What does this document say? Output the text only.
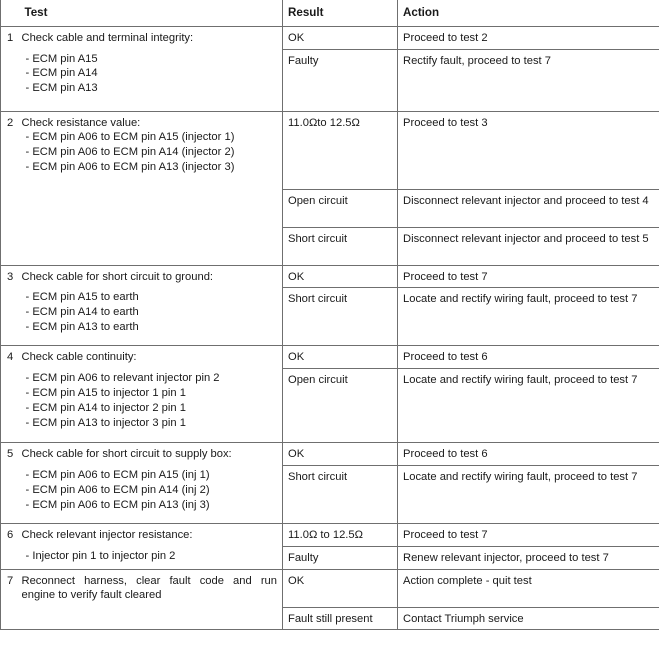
	Test	Result	Action
1	Check cable and terminal integrity:
- ECM pin A15
- ECM pin A14
- ECM pin A13	OK	Proceed to test 2
		Faulty	Rectify fault, proceed to test 7
2	Check resistance value:
- ECM pin A06 to ECM pin A15 (injector 1)
- ECM pin A06 to ECM pin A14 (injector 2)
- ECM pin A06 to ECM pin A13 (injector 3)	11.0Ωto 12.5Ω	Proceed to test 3
		Open circuit	Disconnect relevant injector and proceed to test 4
		Short circuit	Disconnect relevant injector and proceed to test 5
3	Check cable for short circuit to ground:
- ECM pin A15 to earth
- ECM pin A14 to earth
- ECM pin A13 to earth	OK	Proceed to test 7
		Short circuit	Locate and rectify wiring fault, proceed to test 7
4	Check cable continuity:
- ECM pin A06 to relevant injector pin 2
- ECM pin A15 to injector 1 pin 1
- ECM pin A14 to injector 2 pin 1
- ECM pin A13 to injector 3 pin 1	OK	Proceed to test 6
		Open circuit	Locate and rectify wiring fault, proceed to test 7
5	Check cable for short circuit to supply box:
- ECM pin A06 to ECM pin A15 (inj 1)
- ECM pin A06 to ECM pin A14 (inj 2)
- ECM pin A06 to ECM pin A13 (inj 3)	OK	Proceed to test 6
		Short circuit	Locate and rectify wiring fault, proceed to test 7
6	Check relevant injector resistance:
- Injector pin 1 to injector pin 2	11.0Ω to 12.5Ω	Proceed to test 7
		Faulty	Renew relevant injector, proceed to test 7
7	Reconnect harness, clear fault code and run engine to verify fault cleared	OK	Action complete - quit test
		Fault still present	Contact Triumph service
